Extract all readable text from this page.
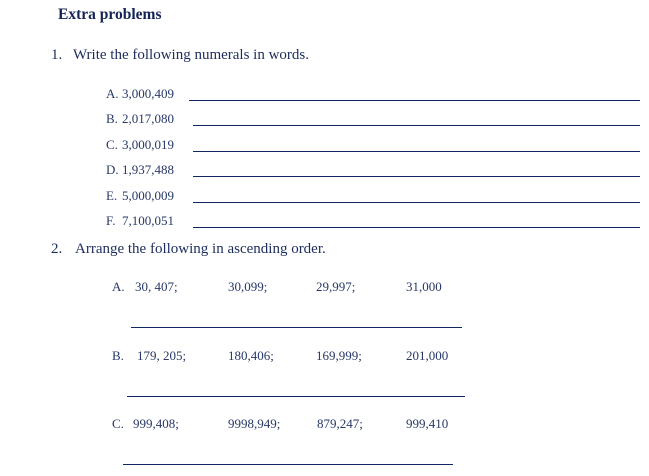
Extra problems
1. Write the following numerals in words.
A. 3,000,409
B. 2,017,080
C. 3,000,019
D. 1,937,488
E. 5,000,009
F. 7,100,051
2. Arrange the following in ascending order.
A. 30, 407;	30,099;	29,997;	31,000
B. 179, 205;	180,406;	169,999;	201,000
C. 999,408;	9998,949;	879,247;	999,410
